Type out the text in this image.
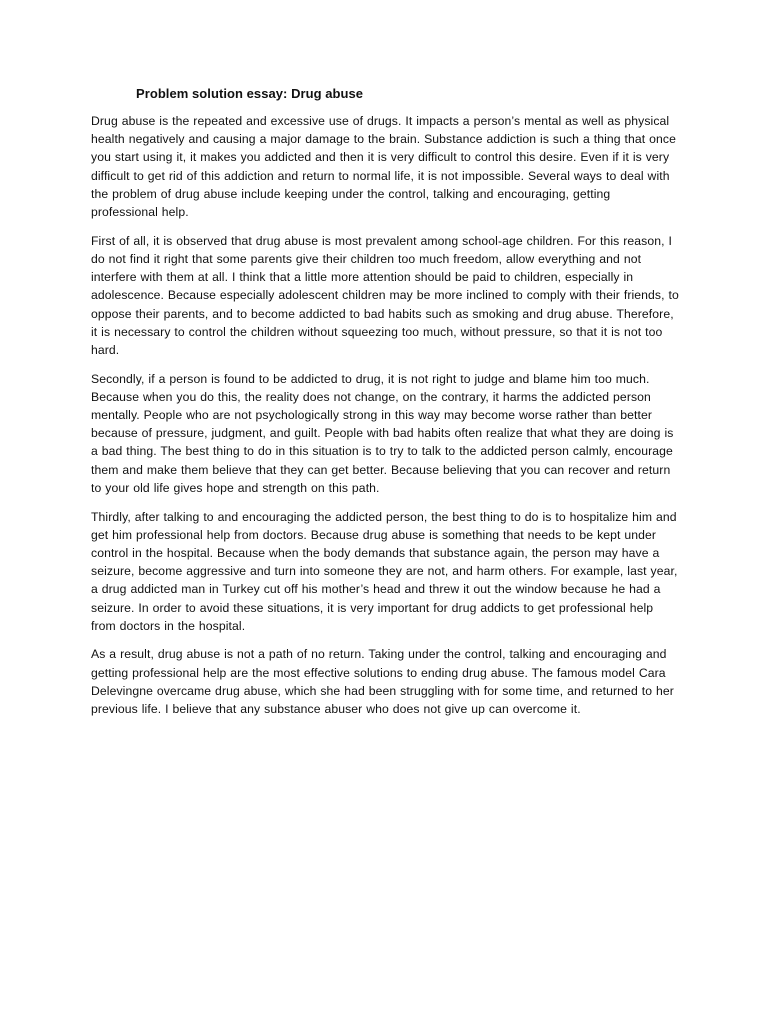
Problem solution essay: Drug abuse

Drug abuse is the repeated and excessive use of drugs. It impacts a person’s mental as well as physical health negatively and causing a major damage to the brain. Substance addiction is such a thing that once you start using it, it makes you addicted and then it is very difficult to control this desire. Even if it is very difficult to get rid of this addiction and return to normal life, it is not impossible. Several ways to deal with the problem of drug abuse include keeping under the control, talking and encouraging, getting professional help.

First of all, it is observed that drug abuse is most prevalent among school-age children. For this reason, I do not find it right that some parents give their children too much freedom, allow everything and not interfere with them at all. I think that a little more attention should be paid to children, especially in adolescence. Because especially adolescent children may be more inclined to comply with their friends, to oppose their parents, and to become addicted to bad habits such as smoking and drug abuse. Therefore, it is necessary to control the children without squeezing too much, without pressure, so that it is not too hard.

Secondly, if a person is found to be addicted to drug, it is not right to judge and blame him too much. Because when you do this, the reality does not change, on the contrary, it harms the addicted person mentally. People who are not psychologically strong in this way may become worse rather than better because of pressure, judgment, and guilt. People with bad habits often realize that what they are doing is a bad thing. The best thing to do in this situation is to try to talk to the addicted person calmly, encourage them and make them believe that they can get better. Because believing that you can recover and return to your old life gives hope and strength on this path.

Thirdly, after talking to and encouraging the addicted person, the best thing to do is to hospitalize him and get him professional help from doctors. Because drug abuse is something that needs to be kept under control in the hospital. Because when the body demands that substance again, the person may have a seizure, become aggressive and turn into someone they are not, and harm others. For example, last year, a drug addicted man in Turkey cut off his mother’s head and threw it out the window because he had a seizure. In order to avoid these situations, it is very important for drug addicts to get professional help from doctors in the hospital.

As a result, drug abuse is not a path of no return. Taking under the control, talking and encouraging and getting professional help are the most effective solutions to ending drug abuse. The famous model Cara Delevingne overcame drug abuse, which she had been struggling with for some time, and returned to her previous life. I believe that any substance abuser who does not give up can overcome it.
